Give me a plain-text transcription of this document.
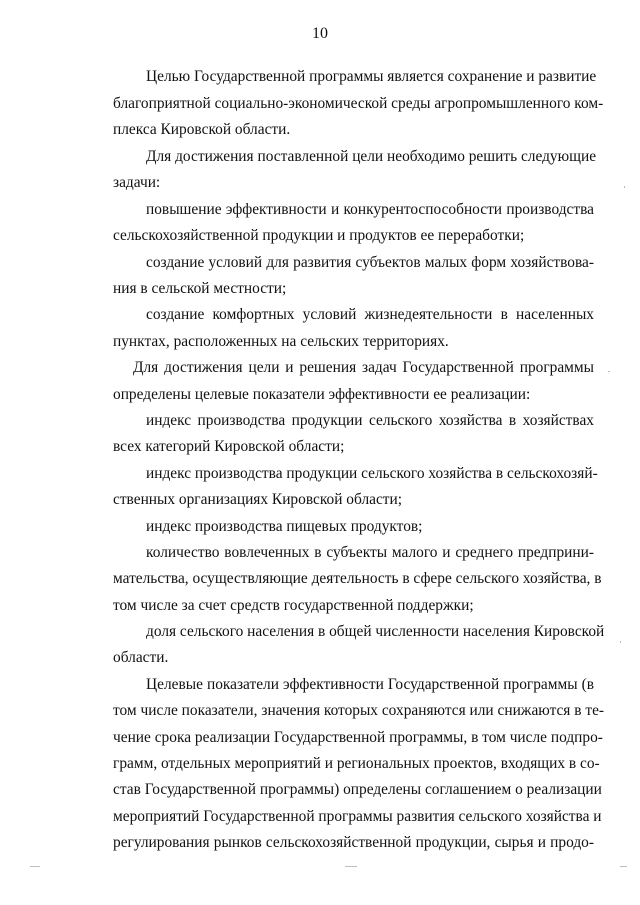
10
Целью Государственной программы является сохранение и развитие
благоприятной социально-экономической среды агропромышленного ком-
плекса Кировской области.
Для достижения поставленной цели необходимо решить следующие
задачи:
повышение эффективности и конкурентоспособности производства
сельскохозяйственной продукции и продуктов ее переработки;
создание условий для развития субъектов малых форм хозяйствова-
ния в сельской местности;
создание комфортных условий жизнедеятельности в населенных
пунктах, расположенных на сельских территориях.
Для достижения цели и решения задач Государственной программы
определены целевые показатели эффективности ее реализации:
индекс производства продукции сельского хозяйства в хозяйствах
всех категорий Кировской области;
индекс производства продукции сельского хозяйства в сельскохозяй-
ственных организациях Кировской области;
индекс производства пищевых продуктов;
количество вовлеченных в субъекты малого и среднего предприни-
мательства, осуществляющие деятельность в сфере сельского хозяйства, в
том числе за счет средств государственной поддержки;
доля сельского населения в общей численности населения Кировской
области.
Целевые показатели эффективности Государственной программы (в
том числе показатели, значения которых сохраняются или снижаются в те-
чение срока реализации Государственной программы, в том числе подпро-
грамм, отдельных мероприятий и региональных проектов, входящих в со-
став Государственной программы) определены соглашением о реализации
мероприятий Государственной программы развития сельского хозяйства и
регулирования рынков сельскохозяйственной продукции, сырья и продо-
